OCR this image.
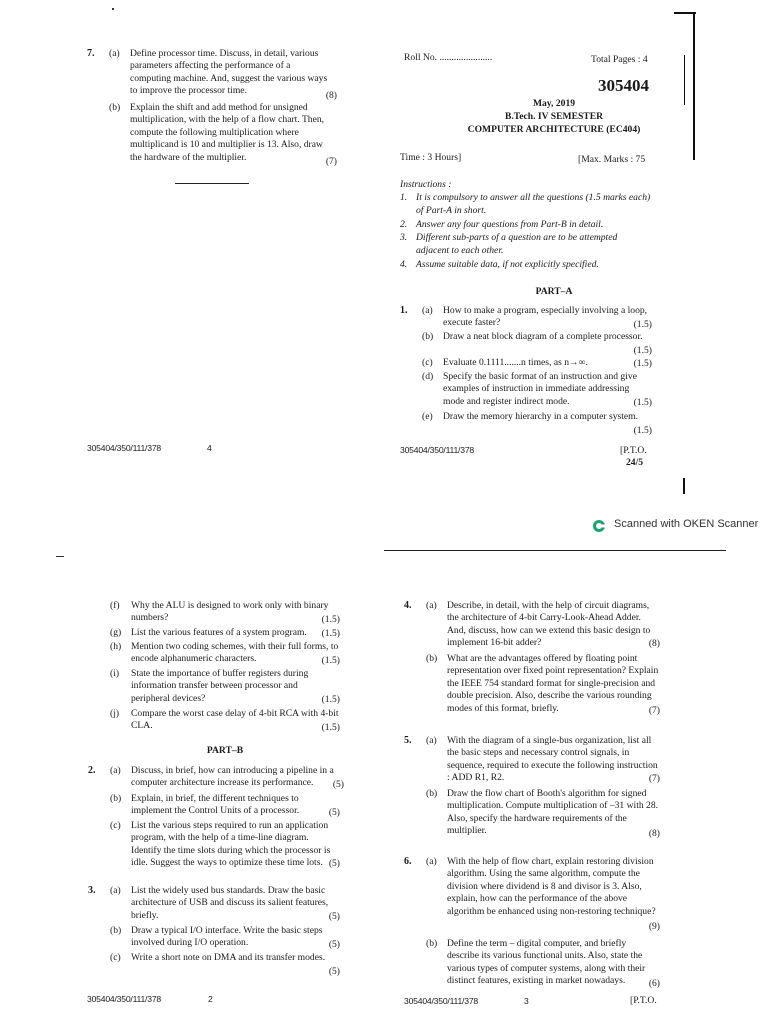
7. (a) Define processor time. Discuss, in detail, various parameters affecting the performance of a computing machine. And, suggest the various ways to improve the processor time.	(8)
(b) Explain the shift and add method for unsigned multiplication, with the help of a flow chart. Then, compute the following multiplication where multiplicand is 10 and multiplier is 13. Also, draw the hardware of the multiplier.	(7)
305404/350/111/378	4
Roll No. ......................	Total Pages : 4
305404
May, 2019
B.Tech. IV SEMESTER
COMPUTER ARCHITECTURE (EC404)
Time : 3 Hours]	[Max. Marks : 75
Instructions :
1. It is compulsory to answer all the questions (1.5 marks each) of Part-A in short.
2. Answer any four questions from Part-B in detail.
3. Different sub-parts of a question are to be attempted adjacent to each other.
4. Assume suitable data, if not explicitly specified.
PART–A
1. (a) How to make a program, especially involving a loop, execute faster?	(1.5)
(b) Draw a neat block diagram of a complete processor.
(1.5)
(c) Evaluate 0.1111.......n times, as n→∞.	(1.5)
(d) Specify the basic format of an instruction and give examples of instruction in immediate addressing mode and register indirect mode.	(1.5)
(e) Draw the memory hierarchy in a computer system.
(1.5)
305404/350/111/378	[P.T.O.
24/5
Scanned with OKEN Scanner
(f) Why the ALU is designed to work only with binary numbers?	(1.5)
(g) List the various features of a system program.	(1.5)
(h) Mention two coding schemes, with their full forms, to encode alphanumeric characters.	(1.5)
(i) State the importance of buffer registers during information transfer between processor and peripheral devices?	(1.5)
(j) Compare the worst case delay of 4-bit RCA with 4-bit CLA.	(1.5)
PART–B
2. (a) Discuss, in brief, how can introducing a pipeline in a computer architecture increase its performance.	(5)
(b) Explain, in brief, the different techniques to implement the Control Units of a processor.	(5)
(c) List the various steps required to run an application program, with the help of a time-line diagram. Identify the time slots during which the processor is idle. Suggest the ways to optimize these time lots. (5)
3. (a) List the widely used bus standards. Draw the basic architecture of USB and discuss its salient features, briefly.	(5)
(b) Draw a typical I/O interface. Write the basic steps involved during I/O operation.	(5)
(c) Write a short note on DMA and its transfer modes.
(5)
305404/350/111/378	2
4. (a) Describe, in detail, with the help of circuit diagrams, the architecture of 4-bit Carry-Look-Ahead Adder. And, discuss, how can we extend this basic design to implement 16-bit adder?	(8)
(b) What are the advantages offered by floating point representation over fixed point representation? Explain the IEEE 754 standard format for single-precision and double precision. Also, describe the various rounding modes of this format, briefly.	(7)
5. (a) With the diagram of a single-bus organization, list all the basic steps and necessary control signals, in sequence, required to execute the following instruction : ADD R1, R2.	(7)
(b) Draw the flow chart of Booth's algorithm for signed multiplication. Compute multiplication of –31 with 28. Also, specify the hardware requirements of the multiplier.	(8)
6. (a) With the help of flow chart, explain restoring division algorithm. Using the same algorithm, compute the division where dividend is 8 and divisor is 3. Also, explain, how can the performance of the above algorithm be enhanced using non-restoring technique?
(9)
(b) Define the term – digital computer, and briefly describe its various functional units. Also, state the various types of computer systems, along with their distinct features, existing in market nowadays.	(6)
305404/350/111/378	3	[P.T.O.
